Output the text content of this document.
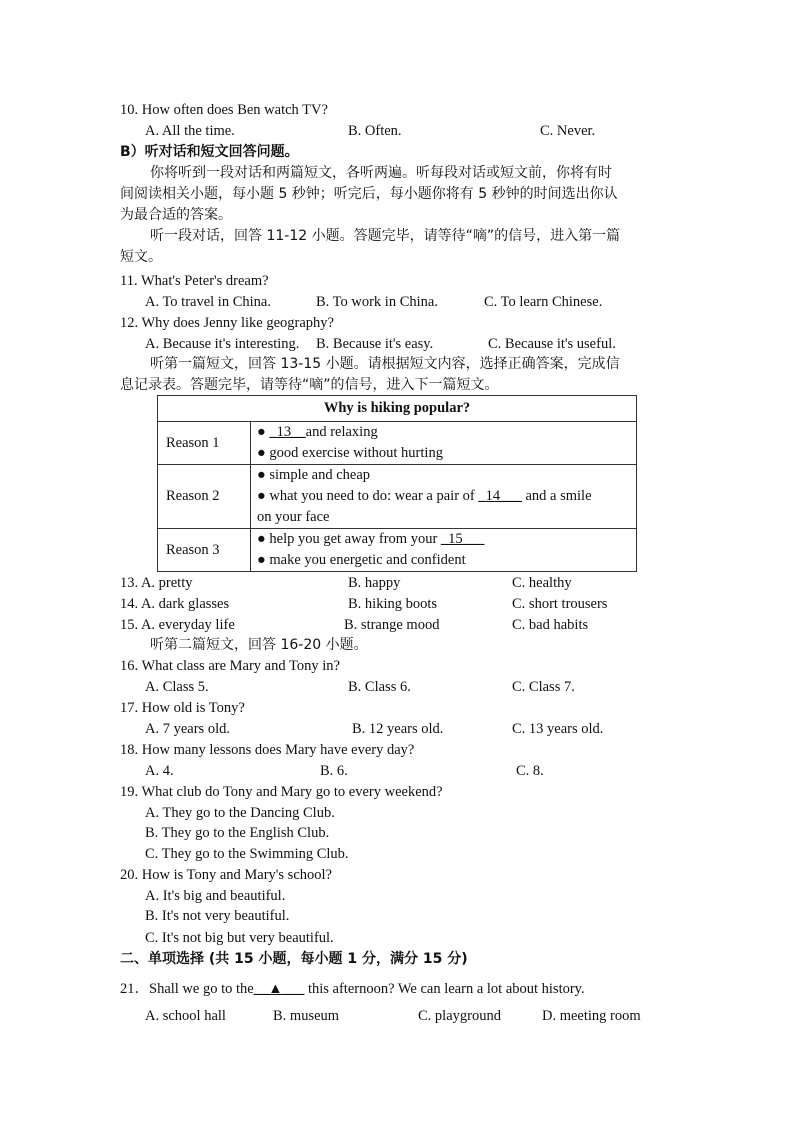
10. How often does Ben watch TV?
A. All the time.	B. Often.	C. Never.
B）听对话和短文回答问题。
你将听到一段对话和两篇短文，各听两遍。听每段对话或短文前，你将有时
间阅读相关小题，每小题 5 秒钟；听完后，每小题你将有 5 秒钟的时间选出你认
为最合适的答案。
听一段对话，回答 11-12 小题。答题完毕，请等待“嘀”的信号，进入第一篇
短文。
11. What's Peter's dream?
A. To travel in China.	B. To work in China.	C. To learn Chinese.
12. Why does Jenny like geography?
A. Because it's interesting. B. Because it's easy.	C. Because it's useful.
听第一篇短文，回答 13-15 小题。请根据短文内容，选择正确答案，完成信
息记录表。答题完毕，请等待“嘀”的信号，进入下一篇短文。
Why is hiking popular?	
Reason 1	● _13__and relaxing
● good exercise without hurting

Reason 2	● simple and cheap
● what you need to do: wear a pair of _14___ and a smile
on your face

Reason 3	● help you get away from your _15___
● make you energetic and confident
13. A. pretty	B. happy	C. healthy
14. A. dark glasses	B. hiking boots	C. short trousers
15. A. everyday life	B. strange mood	C. bad habits
听第二篇短文，回答 16-20 小题。
16. What class are Mary and Tony in?
A. Class 5.	B. Class 6.	C. Class 7.
17. How old is Tony?
A. 7 years old.	B. 12 years old.	C. 13 years old.
18. How many lessons does Mary have every day?
A. 4.	B. 6.	C. 8.
19. What club do Tony and Mary go to every weekend?
A. They go to the Dancing Club.
B. They go to the English Club.
C. They go to the Swimming Club.
20. How is Tony and Mary's school?
A. It's big and beautiful.
B. It's not very beautiful.
C. It's not big but very beautiful.
二、单项选择 (共 15 小题，每小题 1 分，满分 15 分)
21．Shall we go to the__▲___ this afternoon? We can learn a lot about history.
A. school hall	B. museum	C. playground	D. meeting room
